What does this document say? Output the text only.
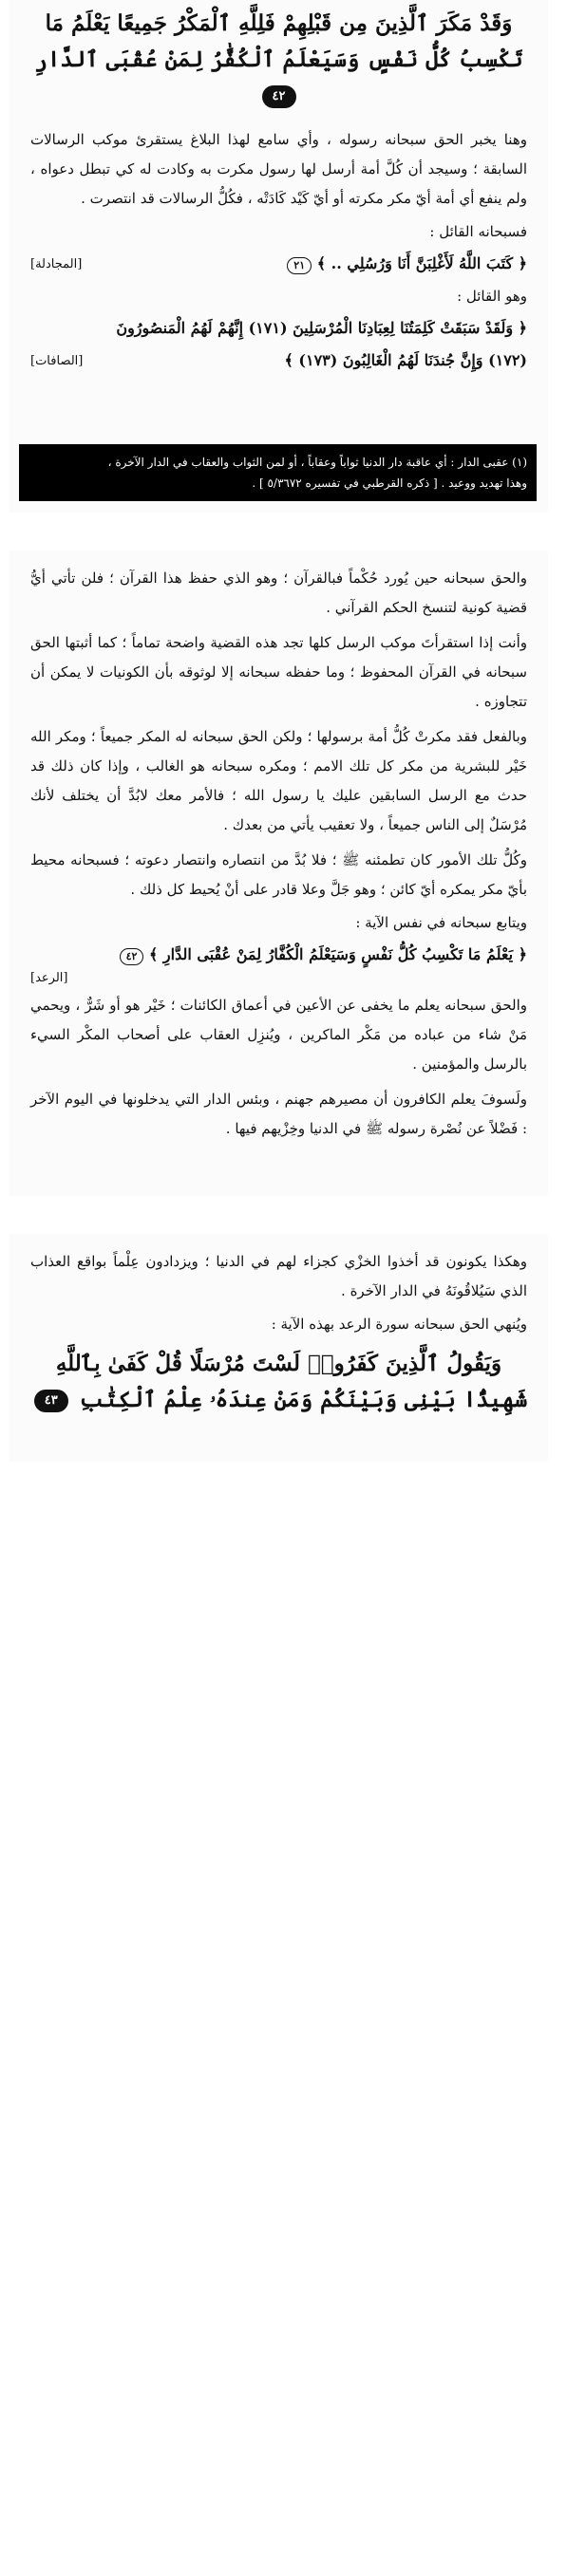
وَقَدْ مَكَرَ ٱلَّذِينَ مِن قَبْلِهِمْ فَلِلَّهِ ٱلْمَكْرُ جَمِيعًا يَعْلَمُ مَا
تَكْسِبُ كُلُّ نَفْسٍ وَسَيَعْلَمُ ٱلْكُفَّٰرُ لِمَنْ عُقْبَى ٱلدَّارِ ٤٢

وهنا يخبر الحق سبحانه رسوله ، وأي سامع لهذا البلاغ يستقرئ موكب الرسالات السابقة ؛ وسيجد أن كُلَّ أمة أرسل لها رسول مكرت به وكادت له كي تبطل دعواه ، ولم ينفع أي أمة أيّ مكر مكرته أو أيّ كَيْد كَادَتْه ، فكُلُّ الرسالات قد انتصرت .

فسبحانه القائل :
﴿ كَتَبَ اللَّهُ لَأَغْلِبَنَّ أَنَا وَرُسُلِي .. ﴾ ٢١
[المجادلة]
وهو القائل :
﴿ وَلَقَدْ سَبَقَتْ كَلِمَتُنَا لِعِبَادِنَا الْمُرْسَلِينَ (١٧١) إِنَّهُمْ لَهُمُ الْمَنصُورُونَ
(١٧٢) وَإِنَّ جُندَنَا لَهُمُ الْغَالِبُونَ (١٧٣) ﴾
[الصافات]
(١) عقبى الدار : أي عاقبة دار الدنيا ثواباً وعقاباً ، أو لمن الثواب والعقاب في الدار الآخرة ،
وهذا تهديد ووعيد . [ ذكره القرطبي في تفسيره ٥/٣٦٧٢ ] .

والحق سبحانه حين يُورد حُكْماً فبالقرآن ؛ وهو الذي حفظ هذا القرآن ؛ فلن تأتي أيُّ قضية كونية لتنسخ الحكم القرآني .

وأنت إذا استقرأتَ موكب الرسل كلها تجد هذه القضية واضحة تماماً ؛ كما أثبتها الحق سبحانه في القرآن المحفوظ ؛ وما حفظه سبحانه إلا لوثوقه بأن الكونيات لا يمكن أن تتجاوزه .

وبالفعل فقد مكرتْ كُلُّ أمة برسولها ؛ ولكن الحق سبحانه له المكر جميعاً ؛ ومكر الله خَيْر للبشرية من مكر كل تلك الامم ؛ ومكره سبحانه هو الغالب ، وإذا كان ذلك قد حدث مع الرسل السابقين عليك يا رسول الله ؛ فالأمر معك لابُدَّ أن يختلف لأنك مُرْسَلٌ إلى الناس جميعاً ، ولا تعقيب يأتي من بعدك .

وكُلُّ تلك الأمور كان تطمئنه ﷺ ؛ فلا بُدَّ من انتصاره وانتصار دعوته ؛ فسبحانه محيط بأيّ مكر يمكره أيّ كائن ؛ وهو جَلَّ وعلا قادر على أنْ يُحيط كل ذلك .

ويتابع سبحانه في نفس الآية :
﴿ يَعْلَمُ مَا تَكْسِبُ كُلُّ نَفْسٍ وَسَيَعْلَمُ الْكُفَّارُ لِمَنْ عُقْبَى الدَّارِ ﴾ ٤٢
[الرعد]

والحق سبحانه يعلم ما يخفى عن الأعين في أعماق الكائنات ؛ خَيْر هو أو شَرٌّ ، ويحمي مَنْ شاء من عباده من مَكْر الماكرين ، ويُنزِل العقاب على أصحاب المكْر السيء بالرسل والمؤمنين .

ولَسوفَ يعلم الكافرون أن مصيرهم جهنم ، وبئس الدار التي يدخلونها في اليوم الآخر : فَضْلاً عن نُصْرة رسوله ﷺ في الدنيا وخِزْيهم فيها .

وهكذا يكونون قد أخذوا الخزْي كجزاء لهم في الدنيا ؛ ويزدادون عِلْماً بواقع العذاب الذي سَيُلاقُونَهُ في الدار الآخرة .

ويُنهي الحق سبحانه سورة الرعد بهذه الآية :
وَيَقُولُ ٱلَّذِينَ كَفَرُوا۟ لَسْتَ مُرْسَلًا قُلْ كَفَىٰ بِٱللَّهِ
شَهِيدًۢا بَيْنِى وَبَيْنَكُمْ وَمَنْ عِندَهُۥ عِلْمُ ٱلْكِتَٰبِ ٤٣
